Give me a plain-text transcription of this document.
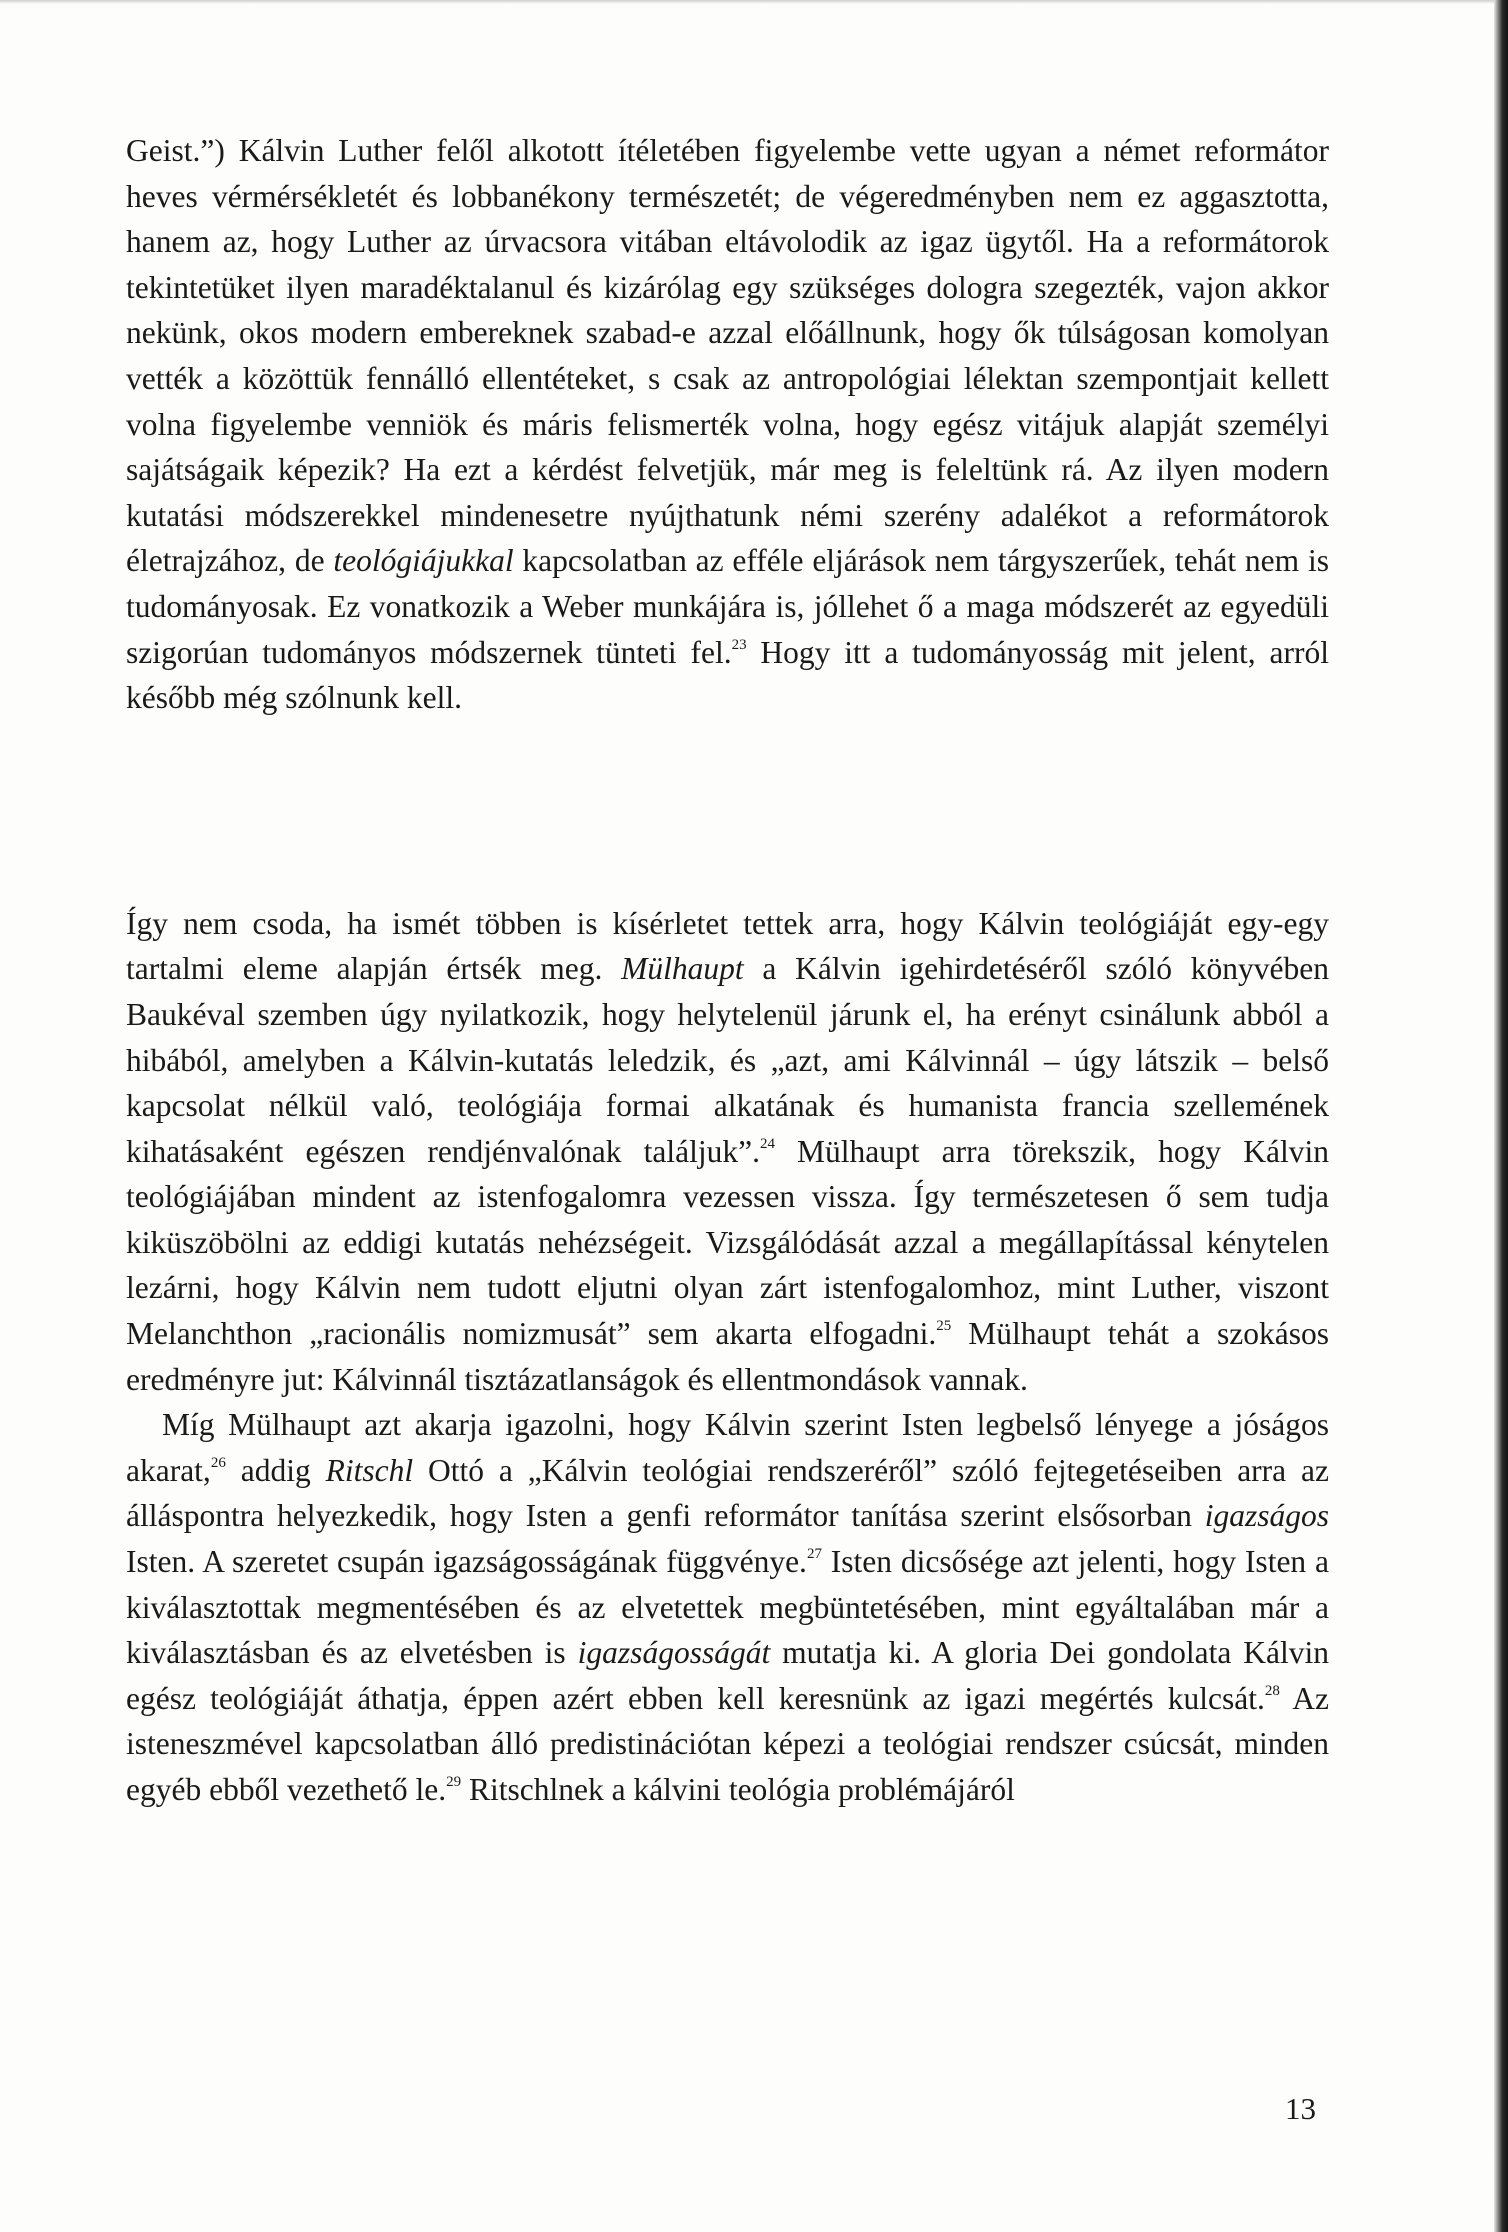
Geist.”) Kálvin Luther felől alkotott ítéletében figyelembe vette ugyan a német reformátor heves vérmérsékletét és lobbanékony természetét; de végeredményben nem ez aggasztotta, hanem az, hogy Luther az úrvacsora vitában eltávolodik az igaz ügytől. Ha a reformátorok tekintetüket ilyen maradéktalanul és kizárólag egy szükséges dologra szegezték, vajon akkor nekünk, okos modern embereknek szabad-e azzal előállnunk, hogy ők túlságosan komolyan vették a közöttük fennálló ellentéteket, s csak az antropológiai lélektan szempontjait kellett volna figyelembe venniök és máris felismerték volna, hogy egész vitájuk alapját személyi sajátságaik képezik? Ha ezt a kérdést felvetjük, már meg is feleltünk rá. Az ilyen modern kutatási módszerekkel mindenesetre nyújthatunk némi szerény adalékot a reformátorok életrajzához, de teológiájukkal kapcsolatban az efféle eljárások nem tárgyszerűek, tehát nem is tudományosak. Ez vonatkozik a Weber munkájára is, jóllehet ő a maga módszerét az egyedüli szigorúan tudományos módszernek tünteti fel.$^{23}$ Hogy itt a tudományosság mit jelent, arról később még szólnunk kell.

Így nem csoda, ha ismét többen is kísérletet tettek arra, hogy Kálvin teológiáját egy-egy tartalmi eleme alapján értsék meg. Mülhaupt a Kálvin igehirdetéséről szóló könyvében Baukéval szemben úgy nyilatkozik, hogy helytelenül járunk el, ha erényt csinálunk abból a hibából, amelyben a Kálvin-kutatás leledzik, és „azt, ami Kálvinnál – úgy látszik – belső kapcsolat nélkül való, teológiája formai alkatának és humanista francia szellemének kihatásaként egészen rendjénvalónak találjuk”.$^{24}$ Mülhaupt arra törekszik, hogy Kálvin teológiájában mindent az istenfogalomra vezessen vissza. Így természetesen ő sem tudja kiküszöbölni az eddigi kutatás nehézségeit. Vizsgálódását azzal a megállapítással kénytelen lezárni, hogy Kálvin nem tudott eljutni olyan zárt istenfogalomhoz, mint Luther, viszont Melanchthon „racionális nomizmusát” sem akarta elfogadni.$^{25}$ Mülhaupt tehát a szokásos eredményre jut: Kálvinnál tisztázatlanságok és ellentmondások vannak.

Míg Mülhaupt azt akarja igazolni, hogy Kálvin szerint Isten legbelső lényege a jóságos akarat,$^{26}$ addig Ritschl Ottó a „Kálvin teológiai rendszeréről” szóló fejtegetéseiben arra az álláspontra helyezkedik, hogy Isten a genfi reformátor tanítása szerint elsősorban igazságos Isten. A szeretet csupán igazságosságának függvénye.$^{27}$ Isten dicsősége azt jelenti, hogy Isten a kiválasztottak megmentésében és az elvetettek megbüntetésében, mint egyáltalában már a kiválasztásban és az elvetésben is igazságosságát mutatja ki. A gloria Dei gondolata Kálvin egész teológiáját áthatja, éppen azért ebben kell keresnünk az igazi megértés kulcsát.$^{28}$ Az isteneszmével kapcsolatban álló predistinációtan képezi a teológiai rendszer csúcsát, minden egyéb ebből vezethető le.$^{29}$ Ritschlnek a kálvini teológia problémájáról

13
